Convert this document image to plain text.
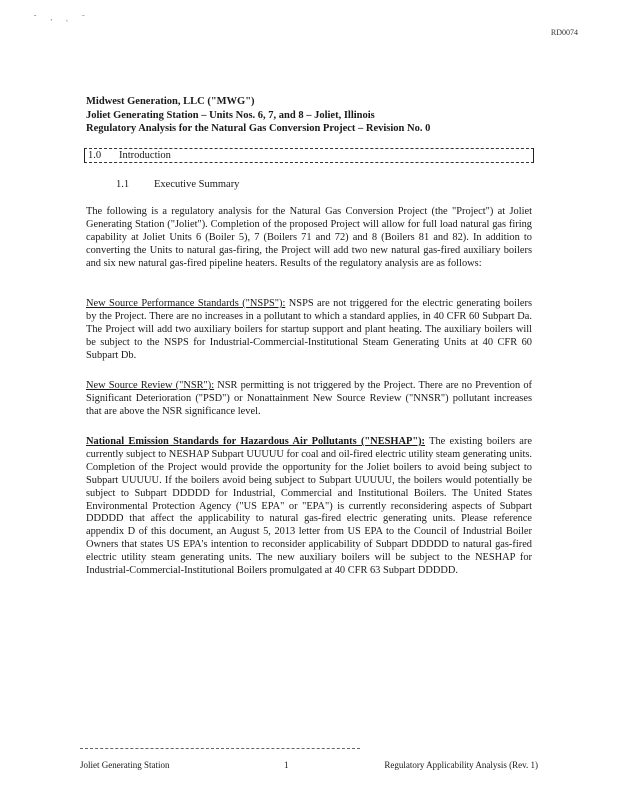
˘ ‚ ˛ ˝
RD0074
Midwest Generation, LLC ("MWG")
Joliet Generating Station – Units Nos. 6, 7, and 8 – Joliet, Illinois
Regulatory Analysis for the Natural Gas Conversion Project – Revision No. 0
1.0 Introduction
1.1 Executive Summary

The following is a regulatory analysis for the Natural Gas Conversion Project (the "Project") at Joliet Generating Station ("Joliet"). Completion of the proposed Project will allow for full load natural gas firing capability at Joliet Units 6 (Boiler 5), 7 (Boilers 71 and 72) and 8 (Boilers 81 and 82). In addition to converting the Units to natural gas-firing, the Project will add two new natural gas-fired auxiliary boilers and six new natural gas-fired pipeline heaters. Results of the regulatory analysis are as follows:

New Source Performance Standards ("NSPS"): NSPS are not triggered for the electric generating boilers by the Project. There are no increases in a pollutant to which a standard applies, in 40 CFR 60 Subpart Da. The Project will add two auxiliary boilers for startup support and plant heating. The auxiliary boilers will be subject to the NSPS for Industrial-Commercial-Institutional Steam Generating Units at 40 CFR 60 Subpart Db.

New Source Review ("NSR"): NSR permitting is not triggered by the Project. There are no Prevention of Significant Deterioration ("PSD") or Nonattainment New Source Review ("NNSR") pollutant increases that are above the NSR significance level.

National Emission Standards for Hazardous Air Pollutants ("NESHAP"): The existing boilers are currently subject to NESHAP Subpart UUUUU for coal and oil-fired electric utility steam generating units. Completion of the Project would provide the opportunity for the Joliet boilers to avoid being subject to Subpart UUUUU. If the boilers avoid being subject to Subpart UUUUU, the boilers would potentially be subject to Subpart DDDDD for Industrial, Commercial and Institutional Boilers. The United States Environmental Protection Agency ("US EPA" or "EPA") is currently reconsidering aspects of Subpart DDDDD that affect the applicability to natural gas-fired electric generating units. Please reference appendix D of this document, an August 5, 2013 letter from US EPA to the Council of Industrial Boiler Owners that states US EPA's intention to reconsider applicability of Subpart DDDDD to natural gas-fired electric utility steam generating units. The new auxiliary boilers will be subject to the NESHAP for Industrial-Commercial-Institutional Boilers promulgated at 40 CFR 63 Subpart DDDDD.

Joliet Generating Station	1	Regulatory Applicability Analysis (Rev. 1)
